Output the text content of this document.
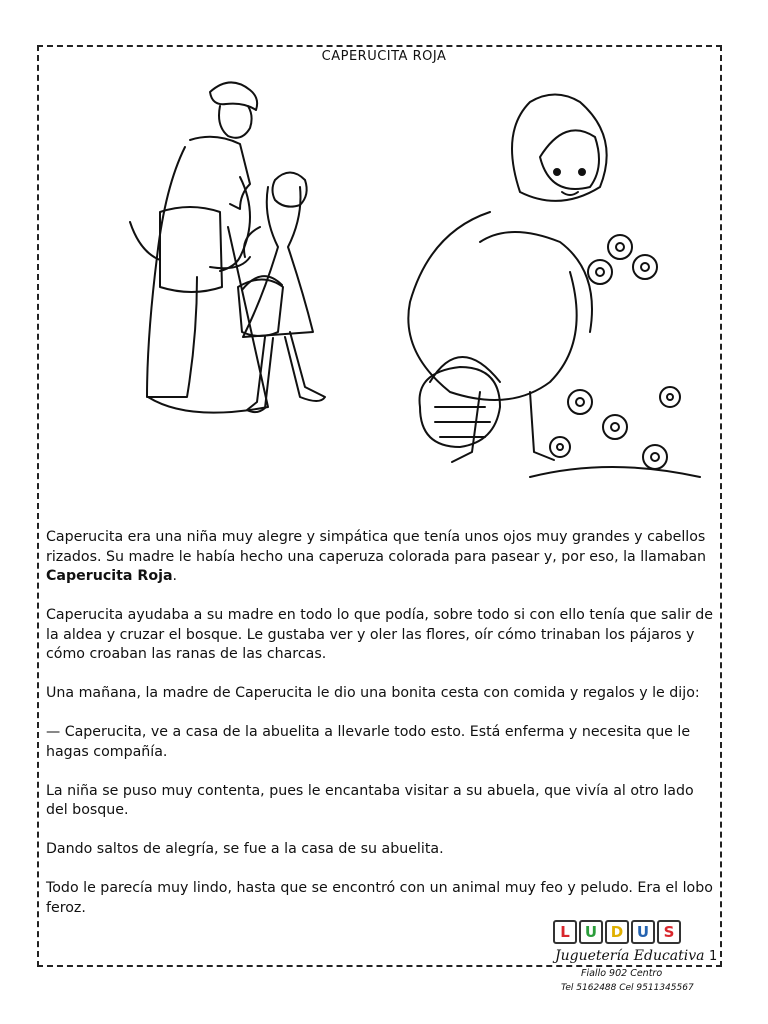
CAPERUCITA ROJA

Caperucita era una niña muy alegre y simpática que tenía unos ojos muy grandes y cabellos rizados. Su madre le había hecho una caperuza colorada para pasear y, por eso, la llamaban Caperucita Roja.

Caperucita ayudaba a su madre en todo lo que podía, sobre todo si con ello tenía que salir de la aldea y cruzar el bosque. Le gustaba ver y oler las flores, oír cómo trinaban los pájaros y cómo croaban las ranas de las charcas.

Una mañana, la madre de Caperucita le dio una bonita cesta con comida y regalos y le dijo:

— Caperucita, ve a casa de la abuelita a llevarle todo esto. Está enferma y necesita que le hagas compañía.

La niña se puso muy contenta, pues le encantaba visitar a su abuela, que vivía al otro lado del bosque.

Dando saltos de alegría, se fue a la casa de su abuelita.

Todo le parecía muy lindo, hasta que se encontró con un animal muy feo y peludo. Era el lobo feroz.

L	U D U S
Juguetería Educativa
Fiallo 902 Centro
Tel 5162488 Cel 9511345567
1
